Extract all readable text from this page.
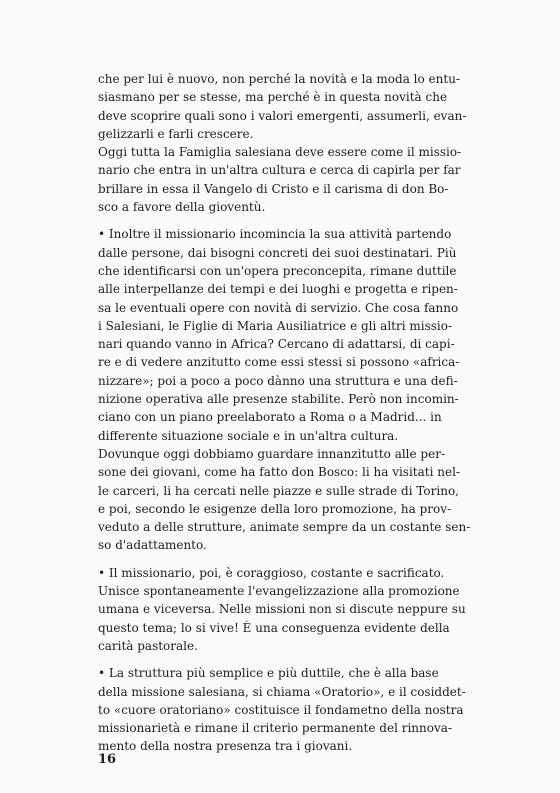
che per lui è nuovo, non perché la novità e la moda lo entu-
siasmano per se stesse, ma perché è in questa novità che
deve scoprire quali sono i valori emergenti, assumerli, evan-
gelizzarli e farli crescere.

Oggi tutta la Famiglia salesiana deve essere come il missio-
nario che entra in un'altra cultura e cerca di capirla per far
brillare in essa il Vangelo di Cristo e il carisma di don Bo-
sco a favore della gioventù.

• Inoltre il missionario incomincia la sua attività partendo
dalle persone, dai bisogni concreti dei suoi destinatari. Più
che identificarsi con un'opera preconcepita, rimane duttile
alle interpellanze dei tempi e dei luoghi e progetta e ripen-
sa le eventuali opere con novità di servizio. Che cosa fanno
i Salesiani, le Figlie di Maria Ausiliatrice e gli altri missio-
nari quando vanno in Africa? Cercano di adattarsi, di capi-
re e di vedere anzitutto come essi stessi si possono «africa-
nizzare»; poi a poco a poco dànno una struttura e una defi-
nizione operativa alle presenze stabilite. Però non incomin-
ciano con un piano preelaborato a Roma o a Madrid... in
differente situazione sociale e in un'altra cultura.

Dovunque oggi dobbiamo guardare innanzitutto alle per-
sone dei giovani, come ha fatto don Bosco: li ha visitati nel-
le carceri, li ha cercati nelle piazze e sulle strade di Torino,
e poi, secondo le esigenze della loro promozione, ha prov-
veduto a delle strutture, animate sempre da un costante sen-
so d'adattamento.

• Il missionario, poi, è coraggioso, costante e sacrificato.
Unisce spontaneamente l'evangelizzazione alla promozione
umana e viceversa. Nelle missioni non si discute neppure su
questo tema; lo si vive! È una conseguenza evidente della
carità pastorale.

• La struttura più semplice e più duttile, che è alla base
della missione salesiana, si chiama «Oratorio», e il cosiddet-
to «cuore oratoriano» costituisce il fondametno della nostra
missionarietà e rimane il criterio permanente del rinnova-
mento della nostra presenza tra i giovani.

16
